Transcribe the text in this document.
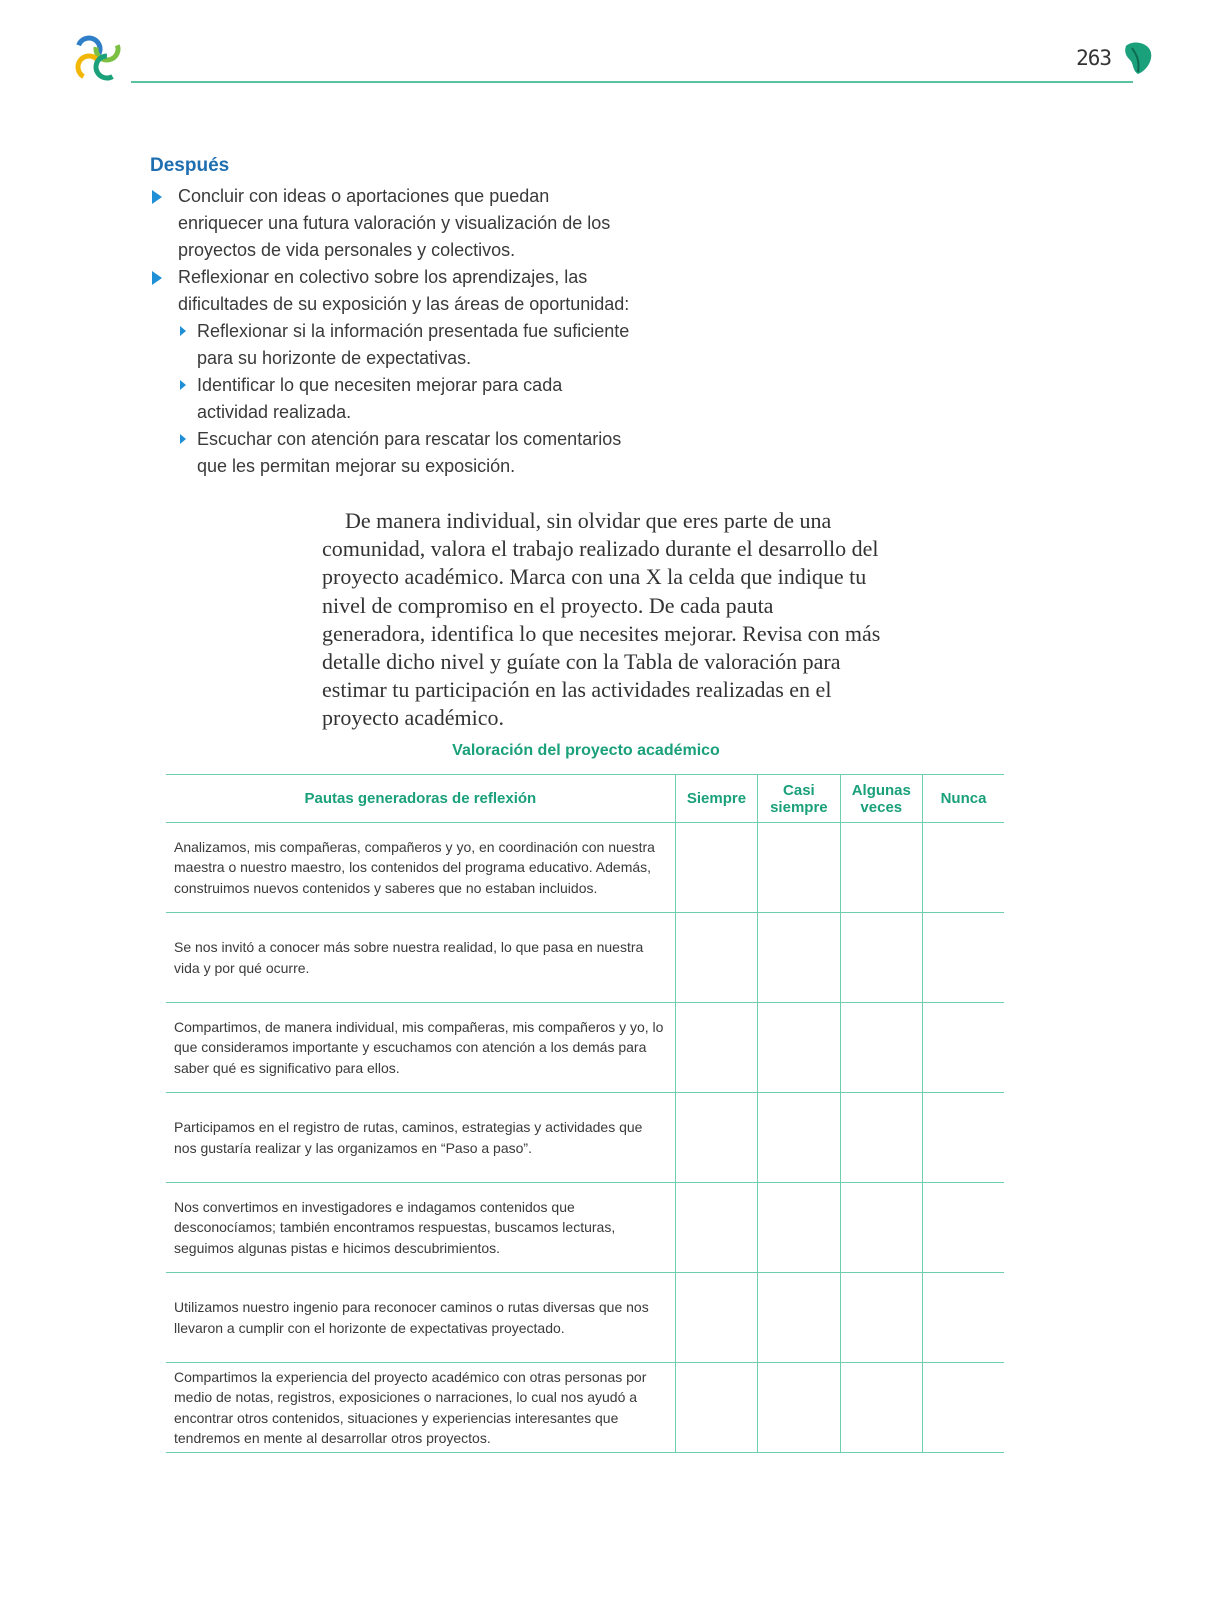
263
Después
Concluir con ideas o aportaciones que puedan enriquecer una futura valoración y visualización de los proyectos de vida personales y colectivos.
Reflexionar en colectivo sobre los aprendizajes, las dificultades de su exposición y las áreas de oportunidad:
Reflexionar si la información presentada fue suficiente para su horizonte de expectativas.
Identificar lo que necesiten mejorar para cada actividad realizada.
Escuchar con atención para rescatar los comentarios que les permitan mejorar su exposición.

De manera individual, sin olvidar que eres parte de una comunidad, valora el trabajo realizado durante el desarrollo del proyecto académico. Marca con una X la celda que indique tu nivel de compromiso en el proyecto. De cada pauta generadora, identifica lo que necesites mejorar. Revisa con más detalle dicho nivel y guíate con la Tabla de valoración para estimar tu participación en las actividades realizadas en el proyecto académico.

Valoración del proyecto académico

Pautas generadoras de reflexión	Siempre	Casi siempre	Algunas veces	Nunca
Analizamos, mis compañeras, compañeros y yo, en coordinación con nuestra maestra o nuestro maestro, los contenidos del programa educativo. Además, construimos nuevos contenidos y saberes que no estaban incluidos.				
Se nos invitó a conocer más sobre nuestra realidad, lo que pasa en nuestra vida y por qué ocurre.				
Compartimos, de manera individual, mis compañeras, mis compañeros y yo, lo que consideramos importante y escuchamos con atención a los demás para saber qué es significativo para ellos.				
Participamos en el registro de rutas, caminos, estrategias y actividades que nos gustaría realizar y las organizamos en “Paso a paso”.				
Nos convertimos en investigadores e indagamos contenidos que desconocíamos; también encontramos respuestas, buscamos lecturas, seguimos algunas pistas e hicimos descubrimientos.				
Utilizamos nuestro ingenio para reconocer caminos o rutas diversas que nos llevaron a cumplir con el horizonte de expectativas proyectado.				
Compartimos la experiencia del proyecto académico con otras personas por medio de notas, registros, exposiciones o narraciones, lo cual nos ayudó a encontrar otros contenidos, situaciones y experiencias interesantes que tendremos en mente al desarrollar otros proyectos.				
